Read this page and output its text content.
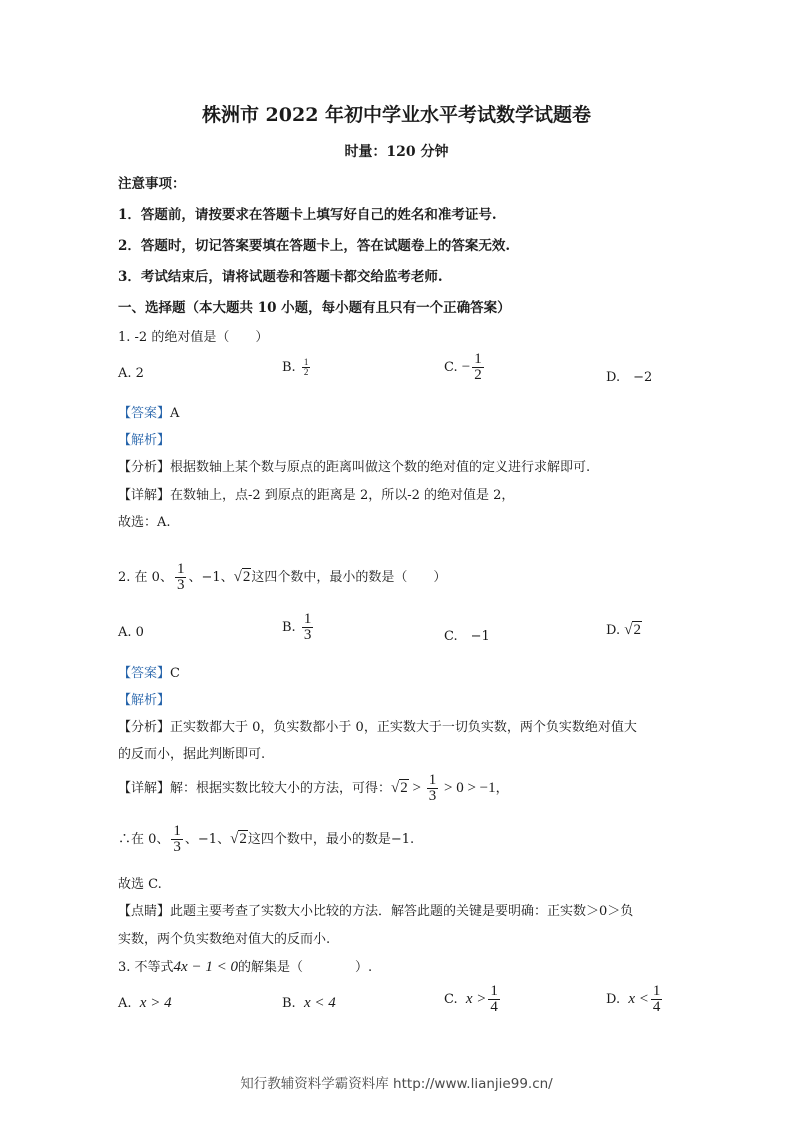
株洲市 2022 年初中学业水平考试数学试题卷
时量：120 分钟
注意事项：
1．答题前，请按要求在答题卡上填写好自己的姓名和准考证号.
2．答题时，切记答案要填在答题卡上，答在试题卷上的答案无效.
3．考试结束后，请将试题卷和答题卡都交给监考老师.
一、选择题（本大题共 10 小题，每小题有且只有一个正确答案）
1. -2 的绝对值是（　　）
A. 2	B. $\frac{1}{2}$	C. − $\frac{1}{2}$	D.　−2
【答案】A
【解析】
【分析】根据数轴上某个数与原点的距离叫做这个数的绝对值的定义进行求解即可.
【详解】在数轴上，点-2 到原点的距离是 2，所以-2 的绝对值是 2，
故选：A.
2. 在 0、 $\frac{1}{3}$ 、−1、√2这四个数中，最小的数是（　　）
A. 0	B. $\frac{1}{3}$	C.　−1	D. √2
【答案】C
【解析】
【分析】正实数都大于 0，负实数都小于 0，正实数大于一切负实数，两个负实数绝对值大
的反而小，据此判断即可.
【详解】解：根据实数比较大小的方法，可得：$√2 > \frac{1}{3} > 0 > -1$，
∴在 0、 $\frac{1}{3}$ 、−1、√2这四个数中，最小的数是−1.
故选 C.
【点睛】此题主要考查了实数大小比较的方法．解答此题的关键是要明确：正实数＞0＞负
实数，两个负实数绝对值大的反而小.
3. 不等式4x − 1 < 0的解集是（　　　　）.
A. x > 4	B. x < 4	C. $x > \frac{1}{4}$	D. $x < \frac{1}{4}$
知行教辅资料学霸资料库 http://www.lianjie99.cn/
